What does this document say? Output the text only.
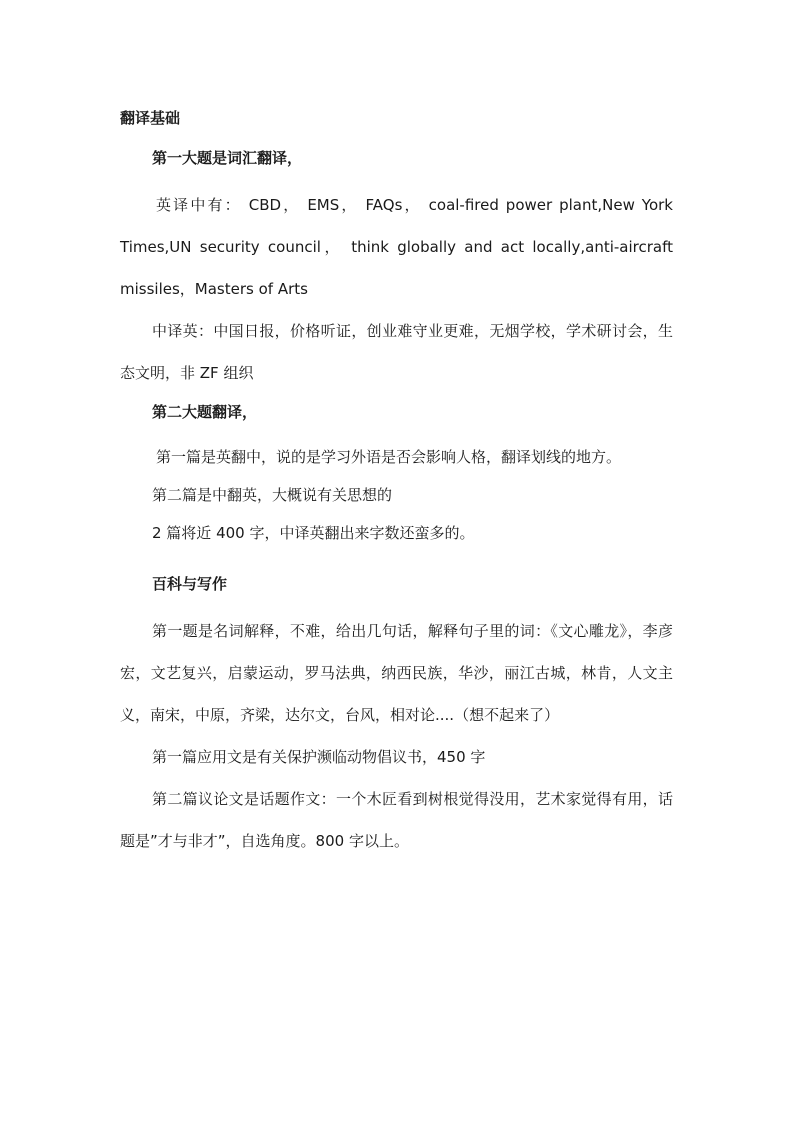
翻译基础
第一大题是词汇翻译，

英译中有： CBD， EMS， FAQs， coal-fired power plant,New York Times,UN security council， think globally and act locally,anti-aircraft missiles，Masters of Arts

中译英：中国日报，价格听证，创业难守业更难，无烟学校，学术研讨会，生态文明，非 ZF 组织

第二大题翻译，

第一篇是英翻中，说的是学习外语是否会影响人格，翻译划线的地方。

第二篇是中翻英，大概说有关思想的

2 篇将近 400 字，中译英翻出来字数还蛮多的。

百科与写作

第一题是名词解释，不难，给出几句话，解释句子里的词：《文心雕龙》，李彦宏，文艺复兴，启蒙运动，罗马法典，纳西民族，华沙，丽江古城，林肯，人文主义，南宋，中原，齐梁，达尔文，台风，相对论....（想不起来了）

第一篇应用文是有关保护濒临动物倡议书，450 字

第二篇议论文是话题作文：一个木匠看到树根觉得没用，艺术家觉得有用，话题是”才与非才”，自选角度。800 字以上。
